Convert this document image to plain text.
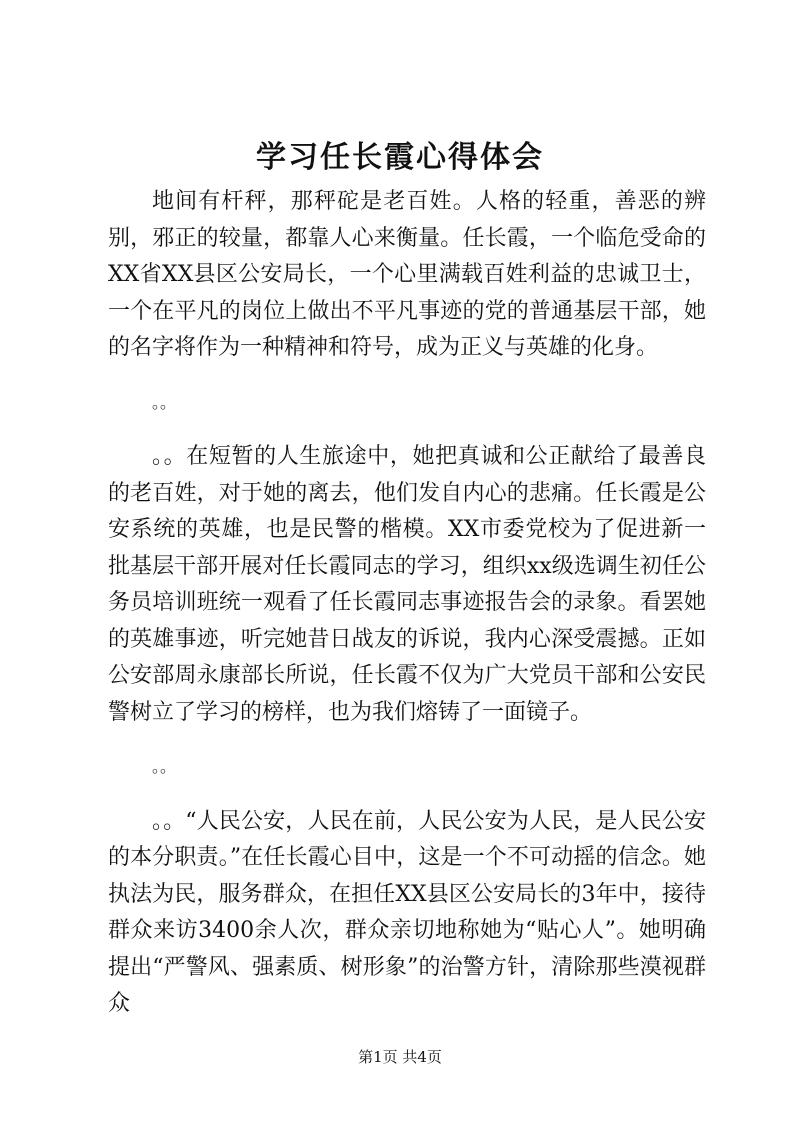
学习任长霞心得体会

地间有杆秤，那秤砣是老百姓。人格的轻重，善恶的辨别，邪正的较量，都靠人心来衡量。任长霞，一个临危受命的XX省XX县区公安局长，一个心里满载百姓利益的忠诚卫士，一个在平凡的岗位上做出不平凡事迹的党的普通基层干部，她的名字将作为一种精神和符号，成为正义与英雄的化身。

。。

。。在短暂的人生旅途中，她把真诚和公正献给了最善良的老百姓，对于她的离去，他们发自内心的悲痛。任长霞是公安系统的英雄，也是民警的楷模。XX市委党校为了促进新一批基层干部开展对任长霞同志的学习，组织xx级选调生初任公务员培训班统一观看了任长霞同志事迹报告会的录象。看罢她的英雄事迹，听完她昔日战友的诉说，我内心深受震撼。正如公安部周永康部长所说，任长霞不仅为广大党员干部和公安民警树立了学习的榜样，也为我们熔铸了一面镜子。

。。

。。“人民公安，人民在前，人民公安为人民，是人民公安的本分职责。”在任长霞心目中，这是一个不可动摇的信念。她执法为民，服务群众，在担任XX县区公安局长的3年中，接待群众来访3400余人次，群众亲切地称她为“贴心人”。她明确提出“严警风、强素质、树形象”的治警方针，清除那些漠视群众

第1页 共4页
